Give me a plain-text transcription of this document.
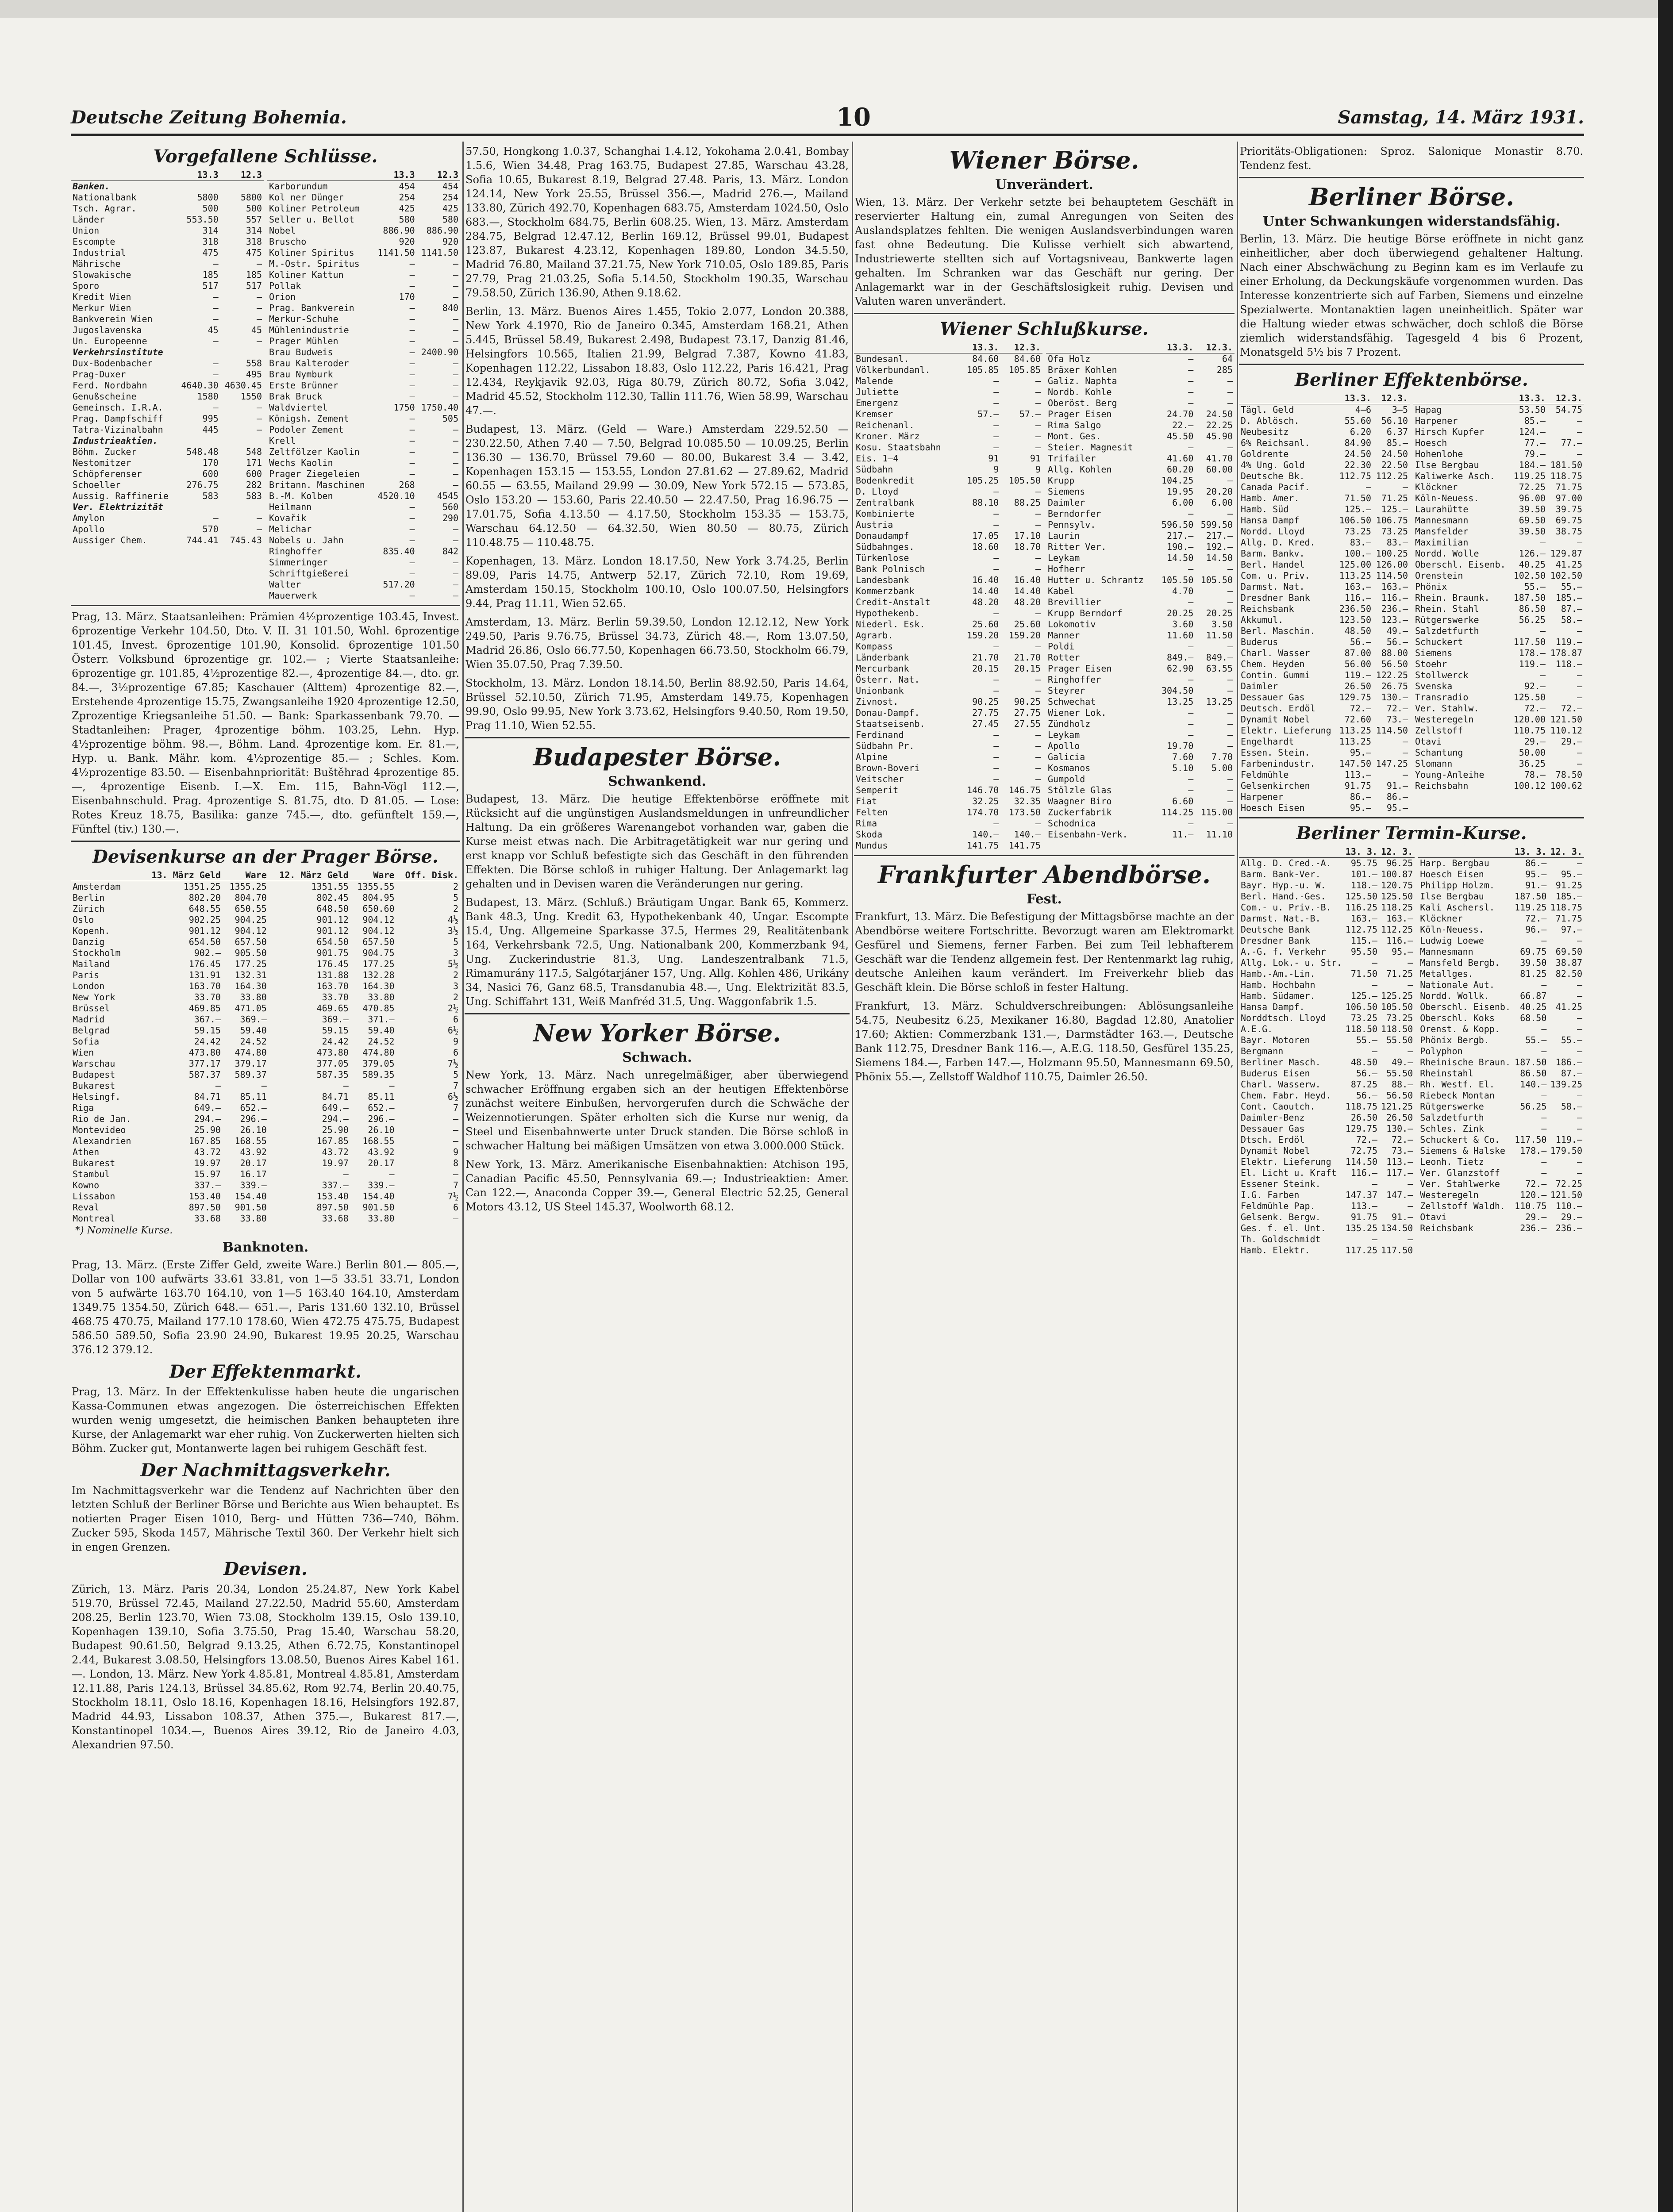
Deutsche Zeitung Bohemia.	10	Samstag, 14. März 1931.
Vorgefallene Schlüsse.
	13.3	12.3
Banken.		
Nationalbank	5800	5800
Tsch. Agrar.	500	500
Länder	553.50	557
Union	314	314
Escompte	318	318
Industrial	475	475
Mährische	—	—
Slowakische	185	185
Sporo	517	517
Kredit Wien	—	—
Merkur Wien	—	—
Bankverein Wien	—	—
Jugoslavenska	45	45
Un. Europeenne	—	—
Verkehrsinstitute		
Dux-Bodenbacher	—	558
Prag-Duxer	—	495
Ferd. Nordbahn	4640.30	4630.45
Genußscheine	1580	1550
Gemeinsch. I.R.A.	—	—
Prag. Dampfschiff	995	—
Tatra-Vizinalbahn	445	—
Industrieaktien.		
Böhm. Zucker	548.48	548
Nestomitzer	170	171
Schöpferenser	600	600
Schoeller	276.75	282
Aussig. Raffinerie	583	583
Ver. Elektrizität		
Amylon	—	—
Apollo	570	—
Aussiger Chem.	744.41	745.43
	13.3	12.3
Karborundum	454	454
Kol ner Dünger	254	254
Koliner Petroleum	425	425
Seller u. Bellot	580	580
Nobel	886.90	886.90
Bruscho	920	920
Koliner Spiritus	1141.50	1141.50
M.-Ostr. Spiritus	—	—
Koliner Kattun	—	—
Pollak	—	—
Orion	170	—
Prag. Bankverein	—	840
Merkur-Schuhe	—	—
Mühlenindustrie	—	—
Prager Mühlen	—	—
Brau Budweis	—	2400.90
Brau Kalteroder	—	—
Brau Nymburk	—	—
Erste Brünner	—	—
Brak Bruck	—	—
Waldviertel	1750	1750.40
Königsh. Zement	—	505
Podoler Zement	—	—
Krell	—	—
Zeltfölzer Kaolin	—	—
Wechs Kaolin	—	—
Prager Ziegeleien	—	—
Britann. Maschinen	268	—
B.-M. Kolben	4520.10	4545
Heilmann	—	560
Kovařik	—	290
Melichar	—	—
Nobels u. Jahn	—	—
Ringhoffer	835.40	842
Simmeringer	—	—
Schriftgießerei	—	—
Walter	517.20	—
Mauerwerk	—	—

Prag, 13. März. Staatsanleihen: Prämien 4½prozentige 103.45, Invest. 6prozentige Verkehr 104.50, Dto. V. II. 31 101.50, Wohl. 6prozentige 101.45, Invest. 6prozentige 101.90, Konsolid. 6prozentige 101.50 Österr. Volksbund 6prozentige gr. 102.— ; Vierte Staatsanleihe: 6prozentige gr. 101.85, 4½prozentige 82.—, 4prozentige 84.—, dto. gr. 84.—, 3½prozentige 67.85; Kaschauer (Alttem) 4prozentige 82.—, Erstehende 4prozentige 15.75, Zwangsanleihe 1920 4prozentige 12.50, Zprozentige Kriegsanleihe 51.50. — Bank: Sparkassenbank 79.70. — Stadtanleihen: Prager, 4prozentige böhm. 103.25, Lehn. Hyp. 4½prozentige böhm. 98.—, Böhm. Land. 4prozentige kom. Er. 81.—, Hyp. u. Bank. Mähr. kom. 4½prozentige 85.— ; Schles. Kom. 4½prozentige 83.50. — Eisenbahnpriorität: Buštěhrad 4prozentige 85.—, 4prozentige Eisenb. I.—X. Em. 115, Bahn-Vögl 112.—, Eisenbahnschuld. Prag. 4prozentige S. 81.75, dto. D 81.05. — Lose: Rotes Kreuz 18.75, Basilika: ganze 745.—, dto. gefünftelt 159.—, Fünftel (tiv.) 130.—.

Devisenkurse an der Prager Börse.
	13. März Geld	Ware	12. März Geld	Ware	Off. Disk.
Amsterdam	1351.25	1355.25	1351.55	1355.55	2
Berlin	802.20	804.70	802.45	804.95	5
Zürich	648.55	650.55	648.50	650.60	2
Oslo	902.25	904.25	901.12	904.12	4½
Kopenh.	901.12	904.12	901.12	904.12	3½
Danzig	654.50	657.50	654.50	657.50	5
Stockholm	902.—	905.50	901.75	904.75	3
Mailand	176.45	177.25	176.45	177.25	5½
Paris	131.91	132.31	131.88	132.28	2
London	163.70	164.30	163.70	164.30	3
New York	33.70	33.80	33.70	33.80	2
Brüssel	469.85	471.05	469.65	470.85	2½
Madrid	367.—	369.—	369.—	371.—	6
Belgrad	59.15	59.40	59.15	59.40	6½
Sofia	24.42	24.52	24.42	24.52	9
Wien	473.80	474.80	473.80	474.80	6
Warschau	377.17	379.17	377.05	379.05	7½
Budapest	587.37	589.37	587.35	589.35	5
Bukarest	—	—	—	—	7
Helsingf.	84.71	85.11	84.71	85.11	6½
Riga	649.—	652.—	649.—	652.—	7
Rio de Jan.	294.—	296.—	294.—	296.—	—
Montevideo	25.90	26.10	25.90	26.10	—
Alexandrien	167.85	168.55	167.85	168.55	—
Athen	43.72	43.92	43.72	43.92	9
Bukarest	19.97	20.17	19.97	20.17	8
Stambul	15.97	16.17	—	—	—
Kowno	337.—	339.—	337.—	339.—	7
Lissabon	153.40	154.40	153.40	154.40	7½
Reval	897.50	901.50	897.50	901.50	6
Montreal	33.68	33.80	33.68	33.80	—
*) Nominelle Kurse.
Banknoten.

Prag, 13. März. (Erste Ziffer Geld, zweite Ware.) Berlin 801.— 805.—, Dollar von 100 aufwärts 33.61 33.81, von 1—5 33.51 33.71, London von 5 aufwärte 163.70 164.10, von 1—5 163.40 164.10, Amsterdam 1349.75 1354.50, Zürich 648.— 651.—, Paris 131.60 132.10, Brüssel 468.75 470.75, Mailand 177.10 178.60, Wien 472.75 475.75, Budapest 586.50 589.50, Sofia 23.90 24.90, Bukarest 19.95 20.25, Warschau 376.12 379.12.

Der Effektenmarkt.

Prag, 13. März. In der Effektenkulisse haben heute die ungarischen Kassa-Communen etwas angezogen. Die österreichischen Effekten wurden wenig umgesetzt, die heimischen Banken behaupteten ihre Kurse, der Anlagemarkt war eher ruhig. Von Zuckerwerten hielten sich Böhm. Zucker gut, Montanwerte lagen bei ruhigem Geschäft fest.

Der Nachmittagsverkehr.

Im Nachmittagsverkehr war die Tendenz auf Nachrichten über den letzten Schluß der Berliner Börse und Berichte aus Wien behauptet. Es notierten Prager Eisen 1010, Berg- und Hütten 736—740, Böhm. Zucker 595, Skoda 1457, Mährische Textil 360. Der Verkehr hielt sich in engen Grenzen.

Devisen.

Zürich, 13. März. Paris 20.34, London 25.24.87, New York Kabel 519.70, Brüssel 72.45, Mailand 27.22.50, Madrid 55.60, Amsterdam 208.25, Berlin 123.70, Wien 73.08, Stockholm 139.15, Oslo 139.10, Kopenhagen 139.10, Sofia 3.75.50, Prag 15.40, Warschau 58.20, Budapest 90.61.50, Belgrad 9.13.25, Athen 6.72.75, Konstantinopel 2.44, Bukarest 3.08.50, Helsingfors 13.08.50, Buenos Aires Kabel 161.—. London, 13. März. New York 4.85.81, Montreal 4.85.81, Amsterdam 12.11.88, Paris 124.13, Brüssel 34.85.62, Rom 92.74, Berlin 20.40.75, Stockholm 18.11, Oslo 18.16, Kopenhagen 18.16, Helsingfors 192.87, Madrid 44.93, Lissabon 108.37, Athen 375.—, Bukarest 817.—, Konstantinopel 1034.—, Buenos Aires 39.12, Rio de Janeiro 4.03, Alexandrien 97.50.

57.50, Hongkong 1.0.37, Schanghai 1.4.12, Yokohama 2.0.41, Bombay 1.5.6, Wien 34.48, Prag 163.75, Budapest 27.85, Warschau 43.28, Sofia 10.65, Bukarest 8.19, Belgrad 27.48. Paris, 13. März. London 124.14, New York 25.55, Brüssel 356.—, Madrid 276.—, Mailand 133.80, Zürich 492.70, Kopenhagen 683.75, Amsterdam 1024.50, Oslo 683.—, Stockholm 684.75, Berlin 608.25. Wien, 13. März. Amsterdam 284.75, Belgrad 12.47.12, Berlin 169.12, Brüssel 99.01, Budapest 123.87, Bukarest 4.23.12, Kopenhagen 189.80, London 34.5.50, Madrid 76.80, Mailand 37.21.75, New York 710.05, Oslo 189.85, Paris 27.79, Prag 21.03.25, Sofia 5.14.50, Stockholm 190.35, Warschau 79.58.50, Zürich 136.90, Athen 9.18.62.

Berlin, 13. März. Buenos Aires 1.455, Tokio 2.077, London 20.388, New York 4.1970, Rio de Janeiro 0.345, Amsterdam 168.21, Athen 5.445, Brüssel 58.49, Bukarest 2.498, Budapest 73.17, Danzig 81.46, Helsingfors 10.565, Italien 21.99, Belgrad 7.387, Kowno 41.83, Kopenhagen 112.22, Lissabon 18.83, Oslo 112.22, Paris 16.421, Prag 12.434, Reykjavik 92.03, Riga 80.79, Zürich 80.72, Sofia 3.042, Madrid 45.52, Stockholm 112.30, Tallin 111.76, Wien 58.99, Warschau 47.—.

Budapest, 13. März. (Geld — Ware.) Amsterdam 229.52.50 — 230.22.50, Athen 7.40 — 7.50, Belgrad 10.085.50 — 10.09.25, Berlin 136.30 — 136.70, Brüssel 79.60 — 80.00, Bukarest 3.4 — 3.42, Kopenhagen 153.15 — 153.55, London 27.81.62 — 27.89.62, Madrid 60.55 — 63.55, Mailand 29.99 — 30.09, New York 572.15 — 573.85, Oslo 153.20 — 153.60, Paris 22.40.50 — 22.47.50, Prag 16.96.75 — 17.01.75, Sofia 4.13.50 — 4.17.50, Stockholm 153.35 — 153.75, Warschau 64.12.50 — 64.32.50, Wien 80.50 — 80.75, Zürich 110.48.75 — 110.48.75.

Kopenhagen, 13. März. London 18.17.50, New York 3.74.25, Berlin 89.09, Paris 14.75, Antwerp 52.17, Zürich 72.10, Rom 19.69, Amsterdam 150.15, Stockholm 100.10, Oslo 100.07.50, Helsingfors 9.44, Prag 11.11, Wien 52.65.

Amsterdam, 13. März. Berlin 59.39.50, London 12.12.12, New York 249.50, Paris 9.76.75, Brüssel 34.73, Zürich 48.—, Rom 13.07.50, Madrid 26.86, Oslo 66.77.50, Kopenhagen 66.73.50, Stockholm 66.79, Wien 35.07.50, Prag 7.39.50.

Stockholm, 13. März. London 18.14.50, Berlin 88.92.50, Paris 14.64, Brüssel 52.10.50, Zürich 71.95, Amsterdam 149.75, Kopenhagen 99.90, Oslo 99.95, New York 3.73.62, Helsingfors 9.40.50, Rom 19.50, Prag 11.10, Wien 52.55.

Budapester Börse.
Schwankend.

Budapest, 13. März. Die heutige Effektenbörse eröffnete mit Rücksicht auf die ungünstigen Auslandsmeldungen in unfreundlicher Haltung. Da ein größeres Warenangebot vorhanden war, gaben die Kurse meist etwas nach. Die Arbitragetätigkeit war nur gering und erst knapp vor Schluß befestigte sich das Geschäft in den führenden Effekten. Die Börse schloß in ruhiger Haltung. Der Anlagemarkt lag gehalten und in Devisen waren die Veränderungen nur gering.

Budapest, 13. März. (Schluß.) Bräutigam Ungar. Bank 65, Kommerz. Bank 48.3, Ung. Kredit 63, Hypothekenbank 40, Ungar. Escompte 15.4, Ung. Allgemeine Sparkasse 37.5, Hermes 29, Realitätenbank 164, Verkehrsbank 72.5, Ung. Nationalbank 200, Kommerzbank 94, Ung. Zuckerindustrie 81.3, Ung. Landeszentralbank 71.5, Rimamurány 117.5, Salgótarjáner 157, Ung. Allg. Kohlen 486, Urikány 34, Nasici 76, Ganz 68.5, Transdanubia 48.—, Ung. Elektrizität 83.5, Ung. Schiffahrt 131, Weiß Manfréd 31.5, Ung. Waggonfabrik 1.5.

New Yorker Börse.
Schwach.

New York, 13. März. Nach unregelmäßiger, aber überwiegend schwacher Eröffnung ergaben sich an der heutigen Effektenbörse zunächst weitere Einbußen, hervorgerufen durch die Schwäche der Weizennotierungen. Später erholten sich die Kurse nur wenig, da Steel und Eisenbahnwerte unter Druck standen. Die Börse schloß in schwacher Haltung bei mäßigen Umsätzen von etwa 3.000.000 Stück.

New York, 13. März. Amerikanische Eisenbahnaktien: Atchison 195, Canadian Pacific 45.50, Pennsylvania 69.—; Industrieaktien: Amer. Can 122.—, Anaconda Copper 39.—, General Electric 52.25, General Motors 43.12, US Steel 145.37, Woolworth 68.12.

Wiener Börse.
Unverändert.

Wien, 13. März. Der Verkehr setzte bei behauptetem Geschäft in reservierter Haltung ein, zumal Anregungen von Seiten des Auslandsplatzes fehlten. Die wenigen Auslandsverbindungen waren fast ohne Bedeutung. Die Kulisse verhielt sich abwartend, Industriewerte stellten sich auf Vortagsniveau, Bankwerte lagen gehalten. Im Schranken war das Geschäft nur gering. Der Anlagemarkt war in der Geschäftslosigkeit ruhig. Devisen und Valuten waren unverändert.

Wiener Schlußkurse.
	13.3.	12.3.
Bundesanl.	84.60	84.60
Völkerbundanl.	105.85	105.85
Malende	—	—
Juliette	—	—
Emergenz	—	—
Kremser	57.—	57.—
Reichenanl.	—	—
Kroner. März	—	—
Kosu. Staatsbahn	—	—
Eis. 1—4	91	91
Südbahn	9	9
Bodenkredit	105.25	105.50
D. Lloyd	—	—
Zentralbank	88.10	88.25
Kombinierte	—	—
Austria	—	—
Donaudampf	17.05	17.10
Südbahnges.	18.60	18.70
Türkenlose	—	—
Bank Polnisch	—	—
Landesbank	16.40	16.40
Kommerzbank	14.40	14.40
Credit-Anstalt	48.20	48.20
Hypothekenb.	—	—
Niederl. Esk.	25.60	25.60
Agrarb.	159.20	159.20
Kompass	—	—
Länderbank	21.70	21.70
Mercurbank	20.15	20.15
Österr. Nat.	—	—
Unionbank	—	—
Zivnost.	90.25	90.25
Donau-Dampf.	27.75	27.75
Staatseisenb.	27.45	27.55
Ferdinand	—	—
Südbahn Pr.	—	—
Alpine	—	—
Brown-Boveri	—	—
Veitscher	—	—
Semperit	146.70	146.75
Fiat	32.25	32.35
Felten	174.70	173.50
Rima	—	—
Skoda	140.—	140.—
Mundus	141.75	141.75
	13.3.	12.3.
Ofa Holz	—	64
Bräxer Kohlen	—	285
Galiz. Naphta	—	—
Nordb. Kohle	—	—
Oberöst. Berg	—	—
Prager Eisen	24.70	24.50
Rima Salgo	22.—	22.25
Mont. Ges.	45.50	45.90
Steier. Magnesit	—	—
Trifailer	41.60	41.70
Allg. Kohlen	60.20	60.00
Krupp	104.25	—
Siemens	19.95	20.20
Daimler	6.00	6.00
Berndorfer	—	—
Pennsylv.	596.50	599.50
Laurin	217.—	217.—
Ritter Ver.	190.—	192.—
Leykam	14.50	14.50
Hofherr	—	—
Hutter u. Schrantz	105.50	105.50
Kabel	4.70	—
Brevillier	—	—
Krupp Berndorf	20.25	20.25
Lokomotiv	3.60	3.50
Manner	11.60	11.50
Poldi	—	—
Rotter	849.—	849.—
Prager Eisen	62.90	63.55
Ringhoffer	—	—
Steyrer	304.50	—
Schwechat	13.25	13.25
Wiener Lok.	—	—
Zündholz	—	—
Leykam	—	—
Apollo	19.70	—
Galicia	7.60	7.70
Kosmanos	5.10	5.00
Gumpold	—	—
Stölzle Glas	—	—
Waagner Biro	6.60	—
Zuckerfabrik	114.25	115.00
Schodnica	—	—
Eisenbahn-Verk.	11.—	11.10
Frankfurter Abendbörse.
Fest.

Frankfurt, 13. März. Die Befestigung der Mittagsbörse machte an der Abendbörse weitere Fortschritte. Bevorzugt waren am Elektromarkt Gesfürel und Siemens, ferner Farben. Bei zum Teil lebhafterem Geschäft war die Tendenz allgemein fest. Der Rentenmarkt lag ruhig, deutsche Anleihen kaum verändert. Im Freiverkehr blieb das Geschäft klein. Die Börse schloß in fester Haltung.

Frankfurt, 13. März. Schuldverschreibungen: Ablösungsanleihe 54.75, Neubesitz 6.25, Mexikaner 16.80, Bagdad 12.80, Anatolier 17.60; Aktien: Commerzbank 131.—, Darmstädter 163.—, Deutsche Bank 112.75, Dresdner Bank 116.—, A.E.G. 118.50, Gesfürel 135.25, Siemens 184.—, Farben 147.—, Holzmann 95.50, Mannesmann 69.50, Phönix 55.—, Zellstoff Waldhof 110.75, Daimler 26.50.

Prioritäts-Obligationen: Sproz. Salonique Monastir 8.70. Tendenz fest.

Berliner Börse.
Unter Schwankungen widerstandsfähig.

Berlin, 13. März. Die heutige Börse eröffnete in nicht ganz einheitlicher, aber doch überwiegend gehaltener Haltung. Nach einer Abschwächung zu Beginn kam es im Verlaufe zu einer Erholung, da Deckungskäufe vorgenommen wurden. Das Interesse konzentrierte sich auf Farben, Siemens und einzelne Spezialwerte. Montanaktien lagen uneinheitlich. Später war die Haltung wieder etwas schwächer, doch schloß die Börse ziemlich widerstandsfähig. Tagesgeld 4 bis 6 Prozent, Monatsgeld 5½ bis 7 Prozent.

Berliner Effektenbörse.
	13.3.	12.3.
Tägl. Geld	4–6	3–5
D. Ablösch.	55.60	56.10
Neubesitz	6.20	6.37
6% Reichsanl.	84.90	85.—
Goldrente	24.50	24.50
4% Ung. Gold	22.30	22.50
Deutsche Bk.	112.75	112.25
Canada Pacif.	—	—
Hamb. Amer.	71.50	71.25
Hamb. Süd	125.—	125.—
Hansa Dampf	106.50	106.75
Nordd. Lloyd	73.25	73.25
Allg. D. Kred.	83.—	83.—
Barm. Bankv.	100.—	100.25
Berl. Handel	125.00	126.00
Com. u. Priv.	113.25	114.50
Darmst. Nat.	163.—	163.—
Dresdner Bank	116.—	116.—
Reichsbank	236.50	236.—
Akkumul.	123.50	123.—
Berl. Maschin.	48.50	49.—
Buderus	56.—	56.—
Charl. Wasser	87.00	88.00
Chem. Heyden	56.00	56.50
Contin. Gummi	119.—	122.25
Daimler	26.50	26.75
Dessauer Gas	129.75	130.—
Deutsch. Erdöl	72.—	72.—
Dynamit Nobel	72.60	73.—
Elektr. Lieferung	113.25	114.50
Engelhardt	113.25	—
Essen. Stein.	95.—	—
Farbenindustr.	147.50	147.25
Feldmühle	113.—	—
Gelsenkirchen	91.75	91.—
Harpener	86.—	86.—
Hoesch Eisen	95.—	95.—
	13.3.	12.3.
Hapag	53.50	54.75
Harpener	85.—	—
Hirsch Kupfer	124.—	—
Hoesch	77.—	77.—
Hohenlohe	79.—	—
Ilse Bergbau	184.—	181.50
Kaliwerke Asch.	119.25	118.75
Klöckner	72.25	71.75
Köln-Neuess.	96.00	97.00
Laurahütte	39.50	39.75
Mannesmann	69.50	69.75
Mansfelder	39.50	38.75
Maximilian	—	—
Nordd. Wolle	126.—	129.87
Oberschl. Eisenb.	40.25	41.25
Orenstein	102.50	102.50
Phönix	55.—	55.—
Rhein. Braunk.	187.50	185.—
Rhein. Stahl	86.50	87.—
Rütgerswerke	56.25	58.—
Salzdetfurth	—	—
Schuckert	117.50	119.—
Siemens	178.—	178.87
Stoehr	119.—	118.—
Stollwerck	—	—
Svenska	92.—	—
Transradio	125.50	—
Ver. Stahlw.	72.—	72.—
Westeregeln	120.00	121.50
Zellstoff	110.75	110.12
Otavi	29.—	29.—
Schantung	50.00	—
Slomann	36.25	—
Young-Anleihe	78.—	78.50
Reichsbahn	100.12	100.62
Berliner Termin-Kurse.
	13. 3.	12. 3.
Allg. D. Cred.-A.	95.75	96.25
Barm. Bank-Ver.	101.—	100.87
Bayr. Hyp.-u. W.	118.—	120.75
Berl. Hand.-Ges.	125.50	125.50
Com.- u. Priv.-B.	116.25	118.25
Darmst. Nat.-B.	163.—	163.—
Deutsche Bank	112.75	112.25
Dresdner Bank	115.—	116.—
A.-G. f. Verkehr	95.50	95.—
Allg. Lok.- u. Str.	—	—
Hamb.-Am.-Lin.	71.50	71.25
Hamb. Hochbahn	—	—
Hamb. Südamer.	125.—	125.25
Hansa Dampf.	106.50	105.50
Norddtsch. Lloyd	73.25	73.25
A.E.G.	118.50	118.50
Bayr. Motoren	55.—	55.50
Bergmann	—	—
Berliner Masch.	48.50	49.—
Buderus Eisen	56.—	55.50
Charl. Wasserw.	87.25	88.—
Chem. Fabr. Heyd.	56.—	56.50
Cont. Caoutch.	118.75	121.25
Daimler-Benz	26.50	26.50
Dessauer Gas	129.75	130.—
Dtsch. Erdöl	72.—	72.—
Dynamit Nobel	72.75	73.—
Elektr. Lieferung	114.50	113.—
El. Licht u. Kraft	116.—	117.—
Essener Steink.	—	—
I.G. Farben	147.37	147.—
Feldmühle Pap.	113.—	—
Gelsenk. Bergw.	91.75	91.—
Ges. f. el. Unt.	135.25	134.50
Th. Goldschmidt	—	—
Hamb. Elektr.	117.25	117.50
	13. 3.	12. 3.
Harp. Bergbau	86.—	—
Hoesch Eisen	95.—	95.—
Philipp Holzm.	91.—	91.25
Ilse Bergbau	187.50	185.—
Kali Aschersl.	119.25	118.75
Klöckner	72.—	71.75
Köln-Neuess.	96.—	97.—
Ludwig Loewe	—	—
Mannesmann	69.75	69.50
Mansfeld Bergb.	39.50	38.87
Metallges.	81.25	82.50
Nationale Aut.	—	—
Nordd. Wollk.	66.87	—
Oberschl. Eisenb.	40.25	41.25
Oberschl. Koks	68.50	—
Orenst. & Kopp.	—	—
Phönix Bergb.	55.—	55.—
Polyphon	—	—
Rheinische Braun.	187.50	186.—
Rheinstahl	86.50	87.—
Rh. Westf. El.	140.—	139.25
Riebeck Montan	—	—
Rütgerswerke	56.25	58.—
Salzdetfurth	—	—
Schles. Zink	—	—
Schuckert & Co.	117.50	119.—
Siemens & Halske	178.—	179.50
Leonh. Tietz	—	—
Ver. Glanzstoff	—	—
Ver. Stahlwerke	72.—	72.25
Westeregeln	120.—	121.50
Zellstoff Waldh.	110.75	110.—
Otavi	29.—	29.—
Reichsbank	236.—	236.—
